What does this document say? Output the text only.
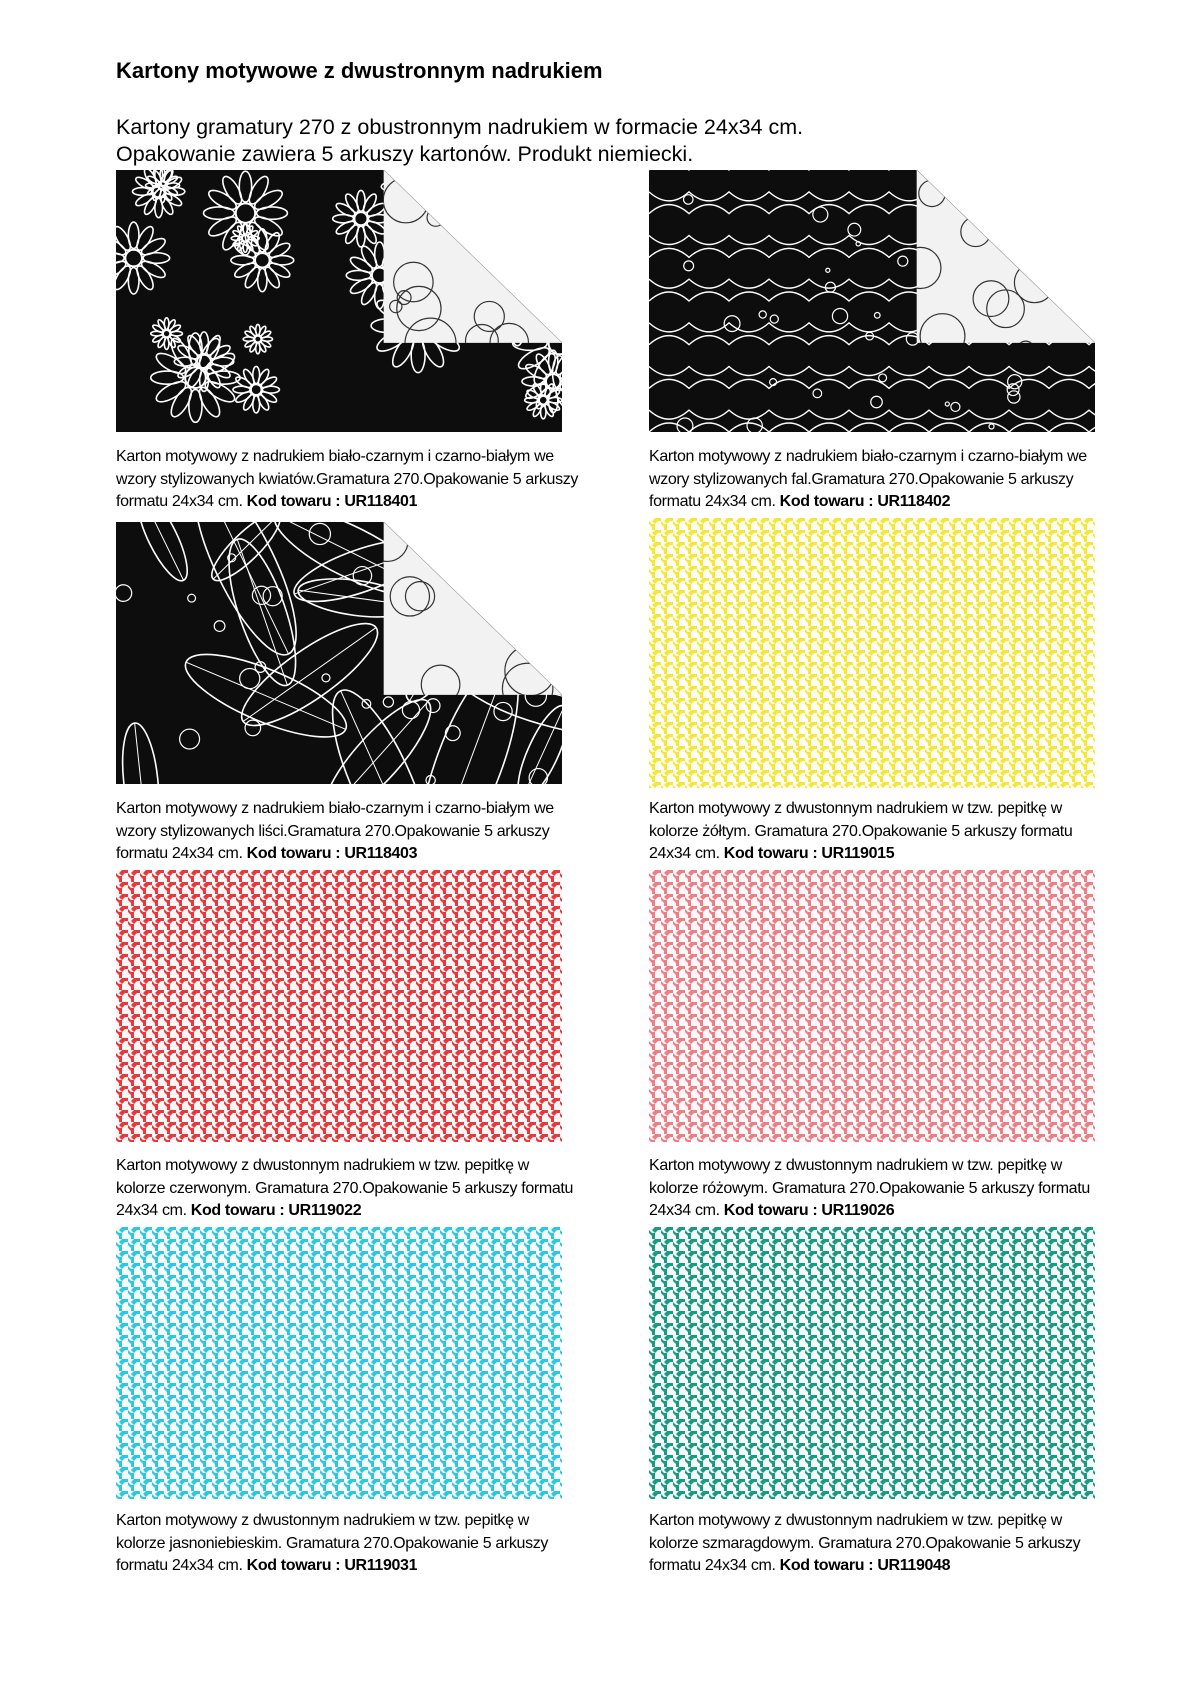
Kartony motywowe z dwustronnym nadrukiem
Kartony gramatury 270 z obustronnym nadrukiem w formacie 24x34 cm.
Opakowanie zawiera 5 arkuszy kartonów. Produkt niemiecki.
Karton motywowy z nadrukiem biało-czarnym i czarno-białym we
wzory stylizowanych kwiatów.Gramatura 270.Opakowanie 5 arkuszy
formatu 24x34 cm. Kod towaru : UR118401
Karton motywowy z nadrukiem biało-czarnym i czarno-białym we
wzory stylizowanych fal.Gramatura 270.Opakowanie 5 arkuszy
formatu 24x34 cm. Kod towaru : UR118402
Karton motywowy z nadrukiem biało-czarnym i czarno-białym we
wzory stylizowanych liści.Gramatura 270.Opakowanie 5 arkuszy
formatu 24x34 cm. Kod towaru : UR118403
Karton motywowy z dwustonnym nadrukiem w tzw. pepitkę w
kolorze żółtym. Gramatura 270.Opakowanie 5 arkuszy formatu
24x34 cm. Kod towaru : UR119015
Karton motywowy z dwustonnym nadrukiem w tzw. pepitkę w
kolorze czerwonym. Gramatura 270.Opakowanie 5 arkuszy formatu
24x34 cm. Kod towaru : UR119022
Karton motywowy z dwustonnym nadrukiem w tzw. pepitkę w
kolorze różowym. Gramatura 270.Opakowanie 5 arkuszy formatu
24x34 cm. Kod towaru : UR119026
Karton motywowy z dwustonnym nadrukiem w tzw. pepitkę w
kolorze jasnoniebieskim. Gramatura 270.Opakowanie 5 arkuszy
formatu 24x34 cm. Kod towaru : UR119031
Karton motywowy z dwustonnym nadrukiem w tzw. pepitkę w
kolorze szmaragdowym. Gramatura 270.Opakowanie 5 arkuszy
formatu 24x34 cm. Kod towaru : UR119048
